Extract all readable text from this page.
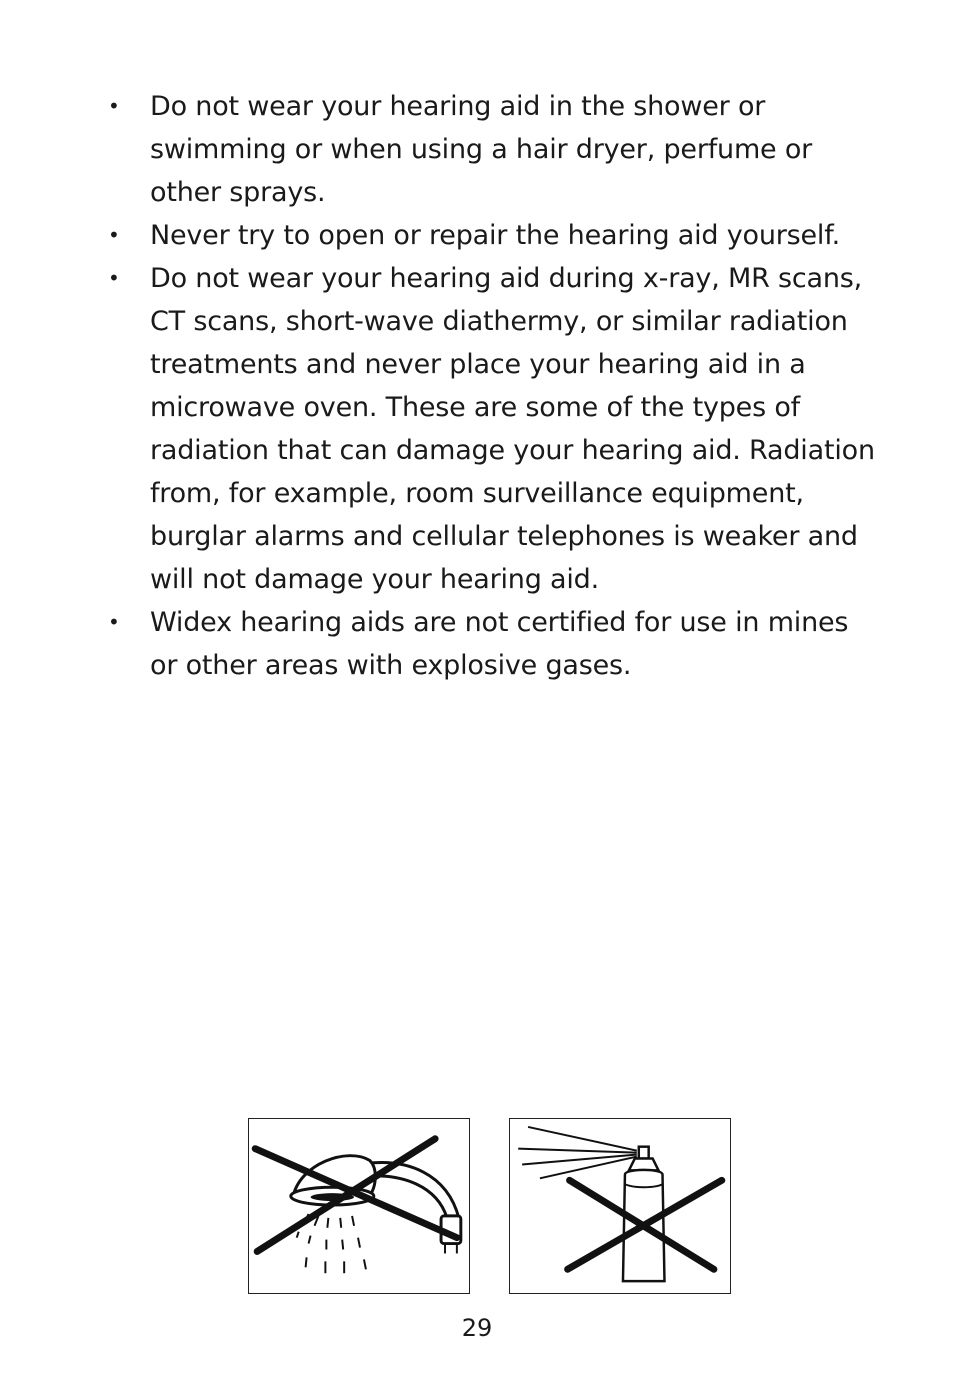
• Do not wear your hearing aid in the shower or swimming or when using a hair dryer, perfume or other sprays.
• Never try to open or repair the hearing aid yourself.
• Do not wear your hearing aid during x-ray, MR scans, CT scans, short-wave diathermy, or similar radiation treatments and never place your hearing aid in a microwave oven. These are some of the types of radiation that can damage your hearing aid. Radiation from, for example, room surveillance equipment, burglar alarms and cellular telephones is weaker and will not damage your hearing aid.
• Widex hearing aids are not certified for use in mines or other areas with explosive gases.
29
